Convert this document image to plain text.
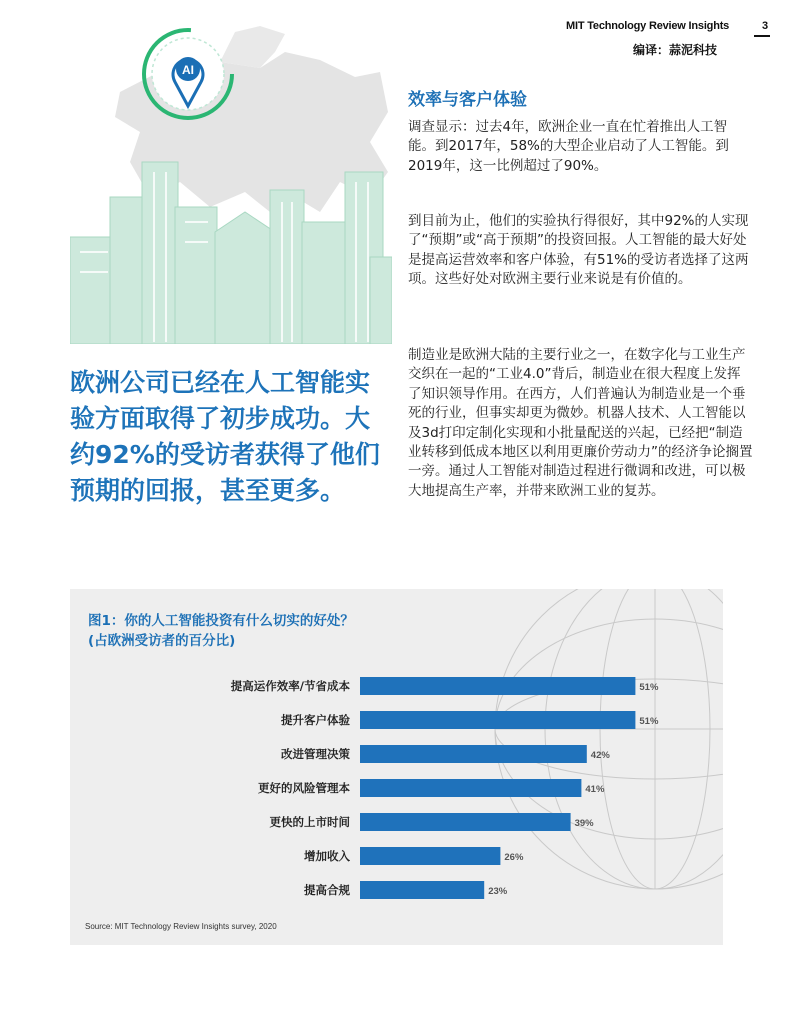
MIT Technology Review Insights	3
编译：蒜泥科技
AI
效率与客户体验
调查显示：过去4年，欧洲企业一直在忙着推出人工智能。到2017年，58%的大型企业启动了人工智能。到2019年，这一比例超过了90%。
到目前为止，他们的实验执行得很好，其中92%的人实现了“预期”或“高于预期”的投资回报。人工智能的最大好处是提高运营效率和客户体验，有51%的受访者选择了这两项。这些好处对欧洲主要行业来说是有价值的。
制造业是欧洲大陆的主要行业之一，在数字化与工业生产交织在一起的“工业4.0”背后，制造业在很大程度上发挥了知识领导作用。在西方，人们普遍认为制造业是一个垂死的行业，但事实却更为微妙。机器人技术、人工智能以及3d打印定制化实现和小批量配送的兴起，已经把“制造业转移到低成本地区以利用更廉价劳动力”的经济争论搁置一旁。通过人工智能对制造过程进行微调和改进，可以极大地提高生产率，并带来欧洲工业的复苏。
欧洲公司已经在人工智能实验方面取得了初步成功。大约92%的受访者获得了他们预期的回报，甚至更多。
图1：你的人工智能投资有什么切实的好处？
(占欧洲受访者的百分比)
提高运作效率/节省成本	51%
提升客户体验	51%
改进管理决策	42%
更好的风险管理本	41%
更快的上市时间	39%
增加收入	26%
提高合规	23%
Source: MIT Technology Review Insights survey, 2020
